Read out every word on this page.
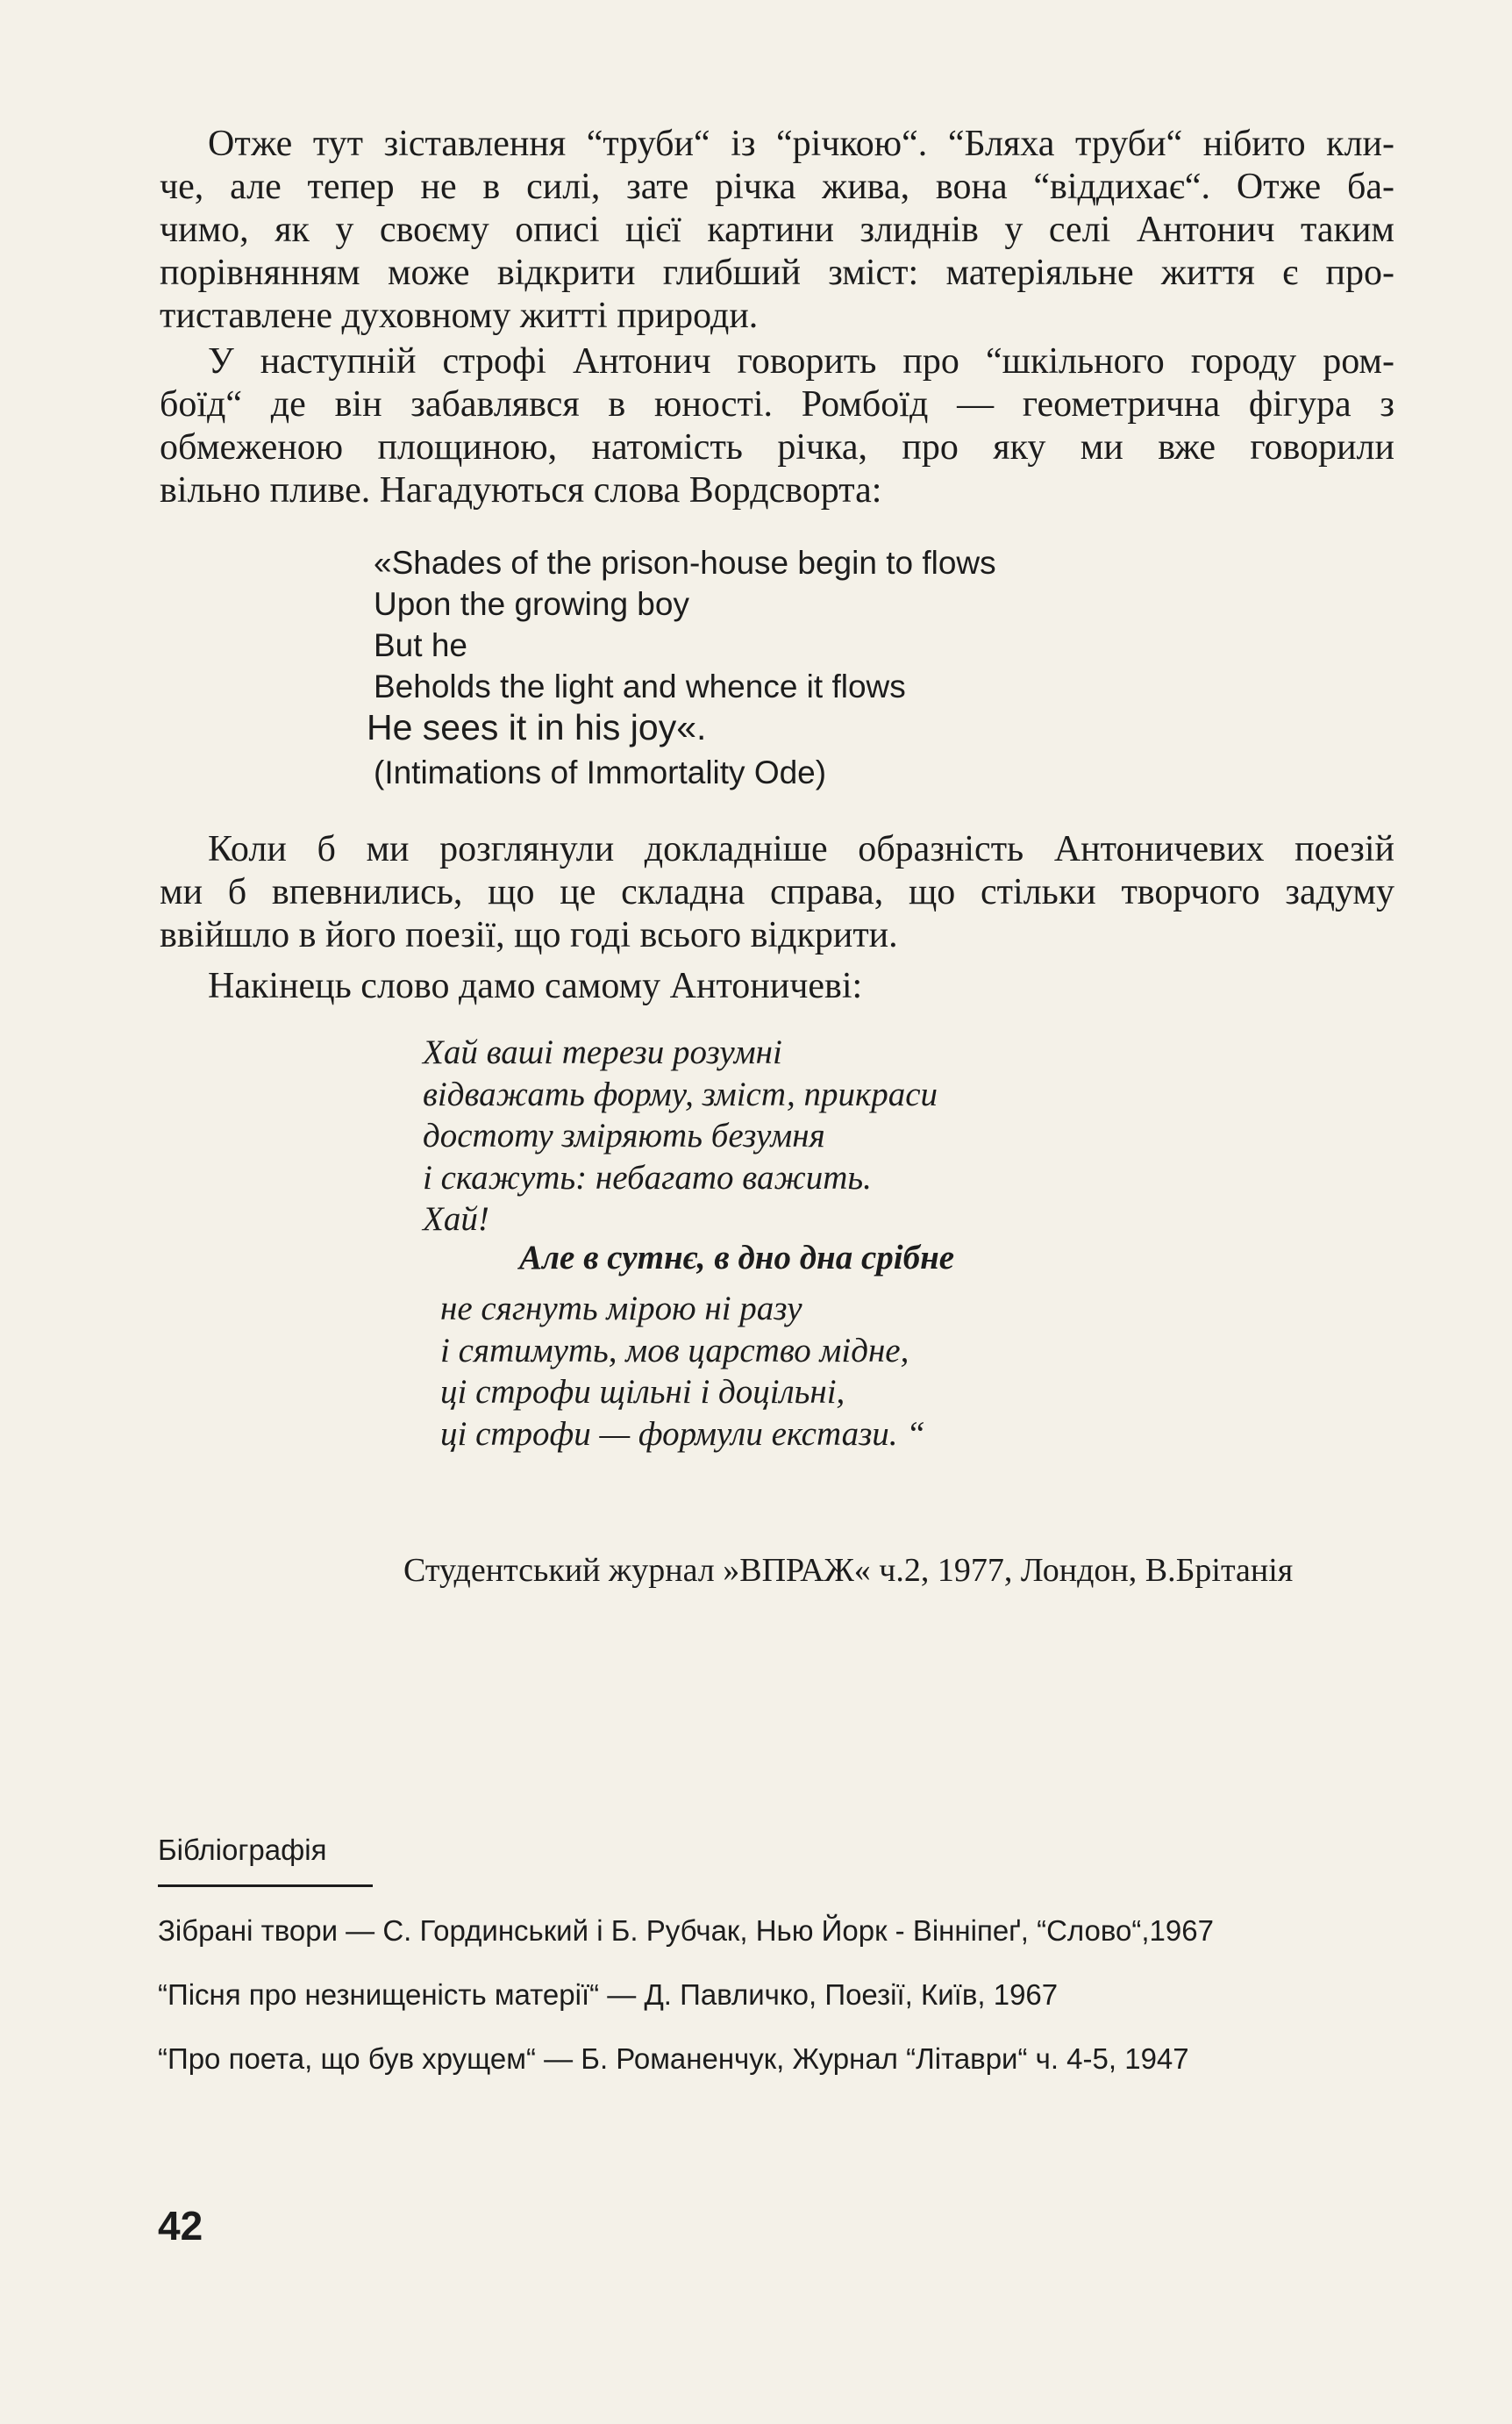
Отже тут зіставлення “труби“ із “річкою“. “Бляха труби“ нібито кли-
че, але тепер не в силі, зате річка жива, вона “віддихає“. Отже ба-
чимо, як у своєму описі цієї картини злиднів у селі Антонич таким
порівнянням може відкрити глибший зміст: матеріяльне життя є про-
тиставлене духовному житті природи.
У наступній строфі Антонич говорить про “шкільного городу ром-
боїд“ де він забавлявся в юності. Ромбоїд — геометрична фігура з
обмеженою площиною, натомість річка, про яку ми вже говорили
вільно пливе. Нагадуються слова Вордсворта:
«Shades of the prison-house begin to flows
Upon the growing boy
But he
Beholds the light and whence it flows
He sees it in his joy«.
(Intimations of Immortality Ode)
Коли б ми розглянули докладніше образність Антоничевих поезій
ми б впевнились, що це складна справа, що стільки творчого задуму
ввійшло в його поезії, що годі всього відкрити.
Накінець слово дамо самому Антоничеві:
Хай ваші терези розумні
відважать форму, зміст, прикраси
достоту зміряють безумня
і скажуть: небагато важить.
Хай!
Але в сутнє, в дно дна срібне
не сягнуть мірою ні разу
і сятимуть, мов царство мідне,
ці строфи щільні і доцільні,
ці строфи — формули екстази. “
Студентський журнал »ВПРАЖ« ч.2, 1977, Лондон, В.Брітанія
Бібліографія
Зібрані твори — С. Гординський і Б. Рубчак, Нью Йорк - Вінніпеґ, “Слово“,1967
“Пісня про незнищеність матерії“ — Д. Павличко, Поезії, Київ, 1967
“Про поета, що був хрущем“ — Б. Романенчук, Журнал “Літаври“ ч. 4-5, 1947
42
